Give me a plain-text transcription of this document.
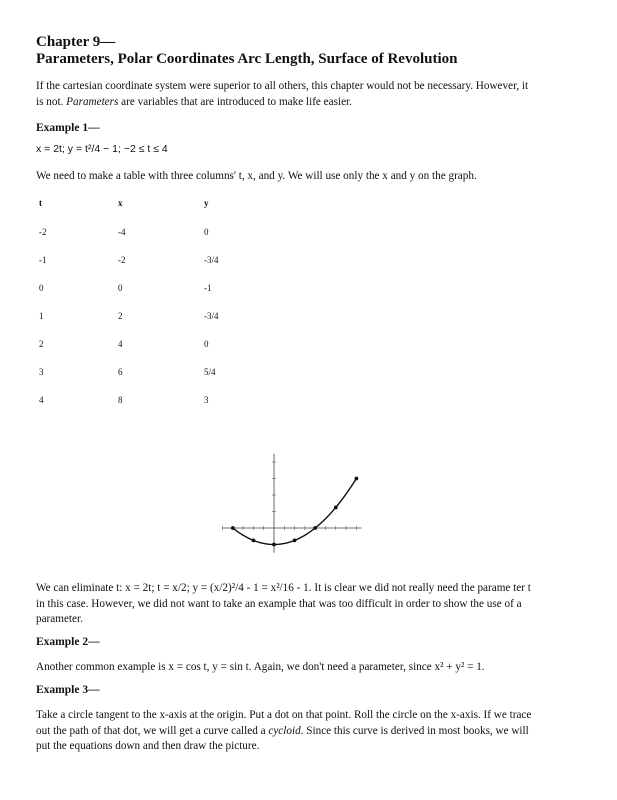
Chapter 9—
Parameters, Polar Coordinates Arc Length, Surface of Revolution
If the cartesian coordinate system were superior to all others, this chapter would not be necessary. However, it
is not. Parameters are variables that are introduced to make life easier.
Example 1—
x = 2t; y = t²/4 − 1; −2 ≤ t ≤ 4
We need to make a table with three columns' t, x, and y. We will use only the x and y on the graph.
t	x	y
-2	-4	0
-1	-2	-3/4
0	0	-1
1	2	-3/4
2	4	0
3	6	5/4
4	8	3
We can eliminate t: x = 2t; t = x/2; y = (x/2)²/4 - 1 = x²/16 - 1. It is clear we did not really need the parame ter t
in this case. However, we did not want to take an example that was too difficult in order to show the use of a
parameter.
Example 2—
Another common example is x = cos t, y = sin t. Again, we don't need a parameter, since x² + y² = 1.
Example 3—
Take a circle tangent to the x-axis at the origin. Put a dot on that point. Roll the circle on the x-axis. If we trace
out the path of that dot, we will get a curve called a cycloid. Since this curve is derived in most books, we will
put the equations down and then draw the picture.
